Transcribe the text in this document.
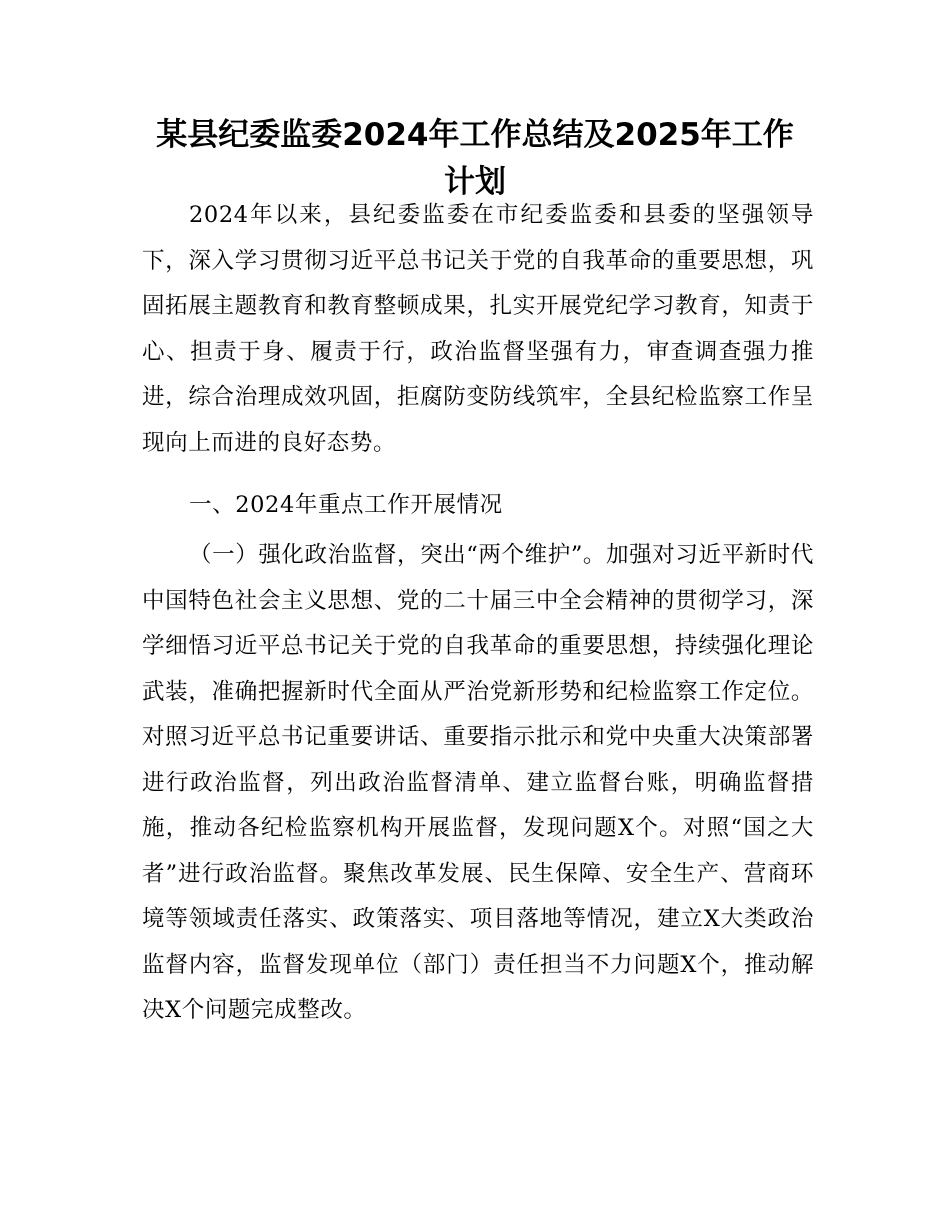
某县纪委监委2024年工作总结及2025年工作
计划

2024年以来，县纪委监委在市纪委监委和县委的坚强领导下，深入学习贯彻习近平总书记关于党的自我革命的重要思想，巩固拓展主题教育和教育整顿成果，扎实开展党纪学习教育，知责于心、担责于身、履责于行，政治监督坚强有力，审查调查强力推进，综合治理成效巩固，拒腐防变防线筑牢，全县纪检监察工作呈现向上而进的良好态势。

一、2024年重点工作开展情况

（一）强化政治监督，突出“两个维护”。加强对习近平新时代中国特色社会主义思想、党的二十届三中全会精神的贯彻学习，深学细悟习近平总书记关于党的自我革命的重要思想，持续强化理论武装，准确把握新时代全面从严治党新形势和纪检监察工作定位。对照习近平总书记重要讲话、重要指示批示和党中央重大决策部署进行政治监督，列出政治监督清单、建立监督台账，明确监督措施，推动各纪检监察机构开展监督，发现问题X个。对照“国之大者”进行政治监督。聚焦改革发展、民生保障、安全生产、营商环境等领域责任落实、政策落实、项目落地等情况，建立X大类政治监督内容，监督发现单位（部门）责任担当不力问题X个，推动解决X个问题完成整改。
